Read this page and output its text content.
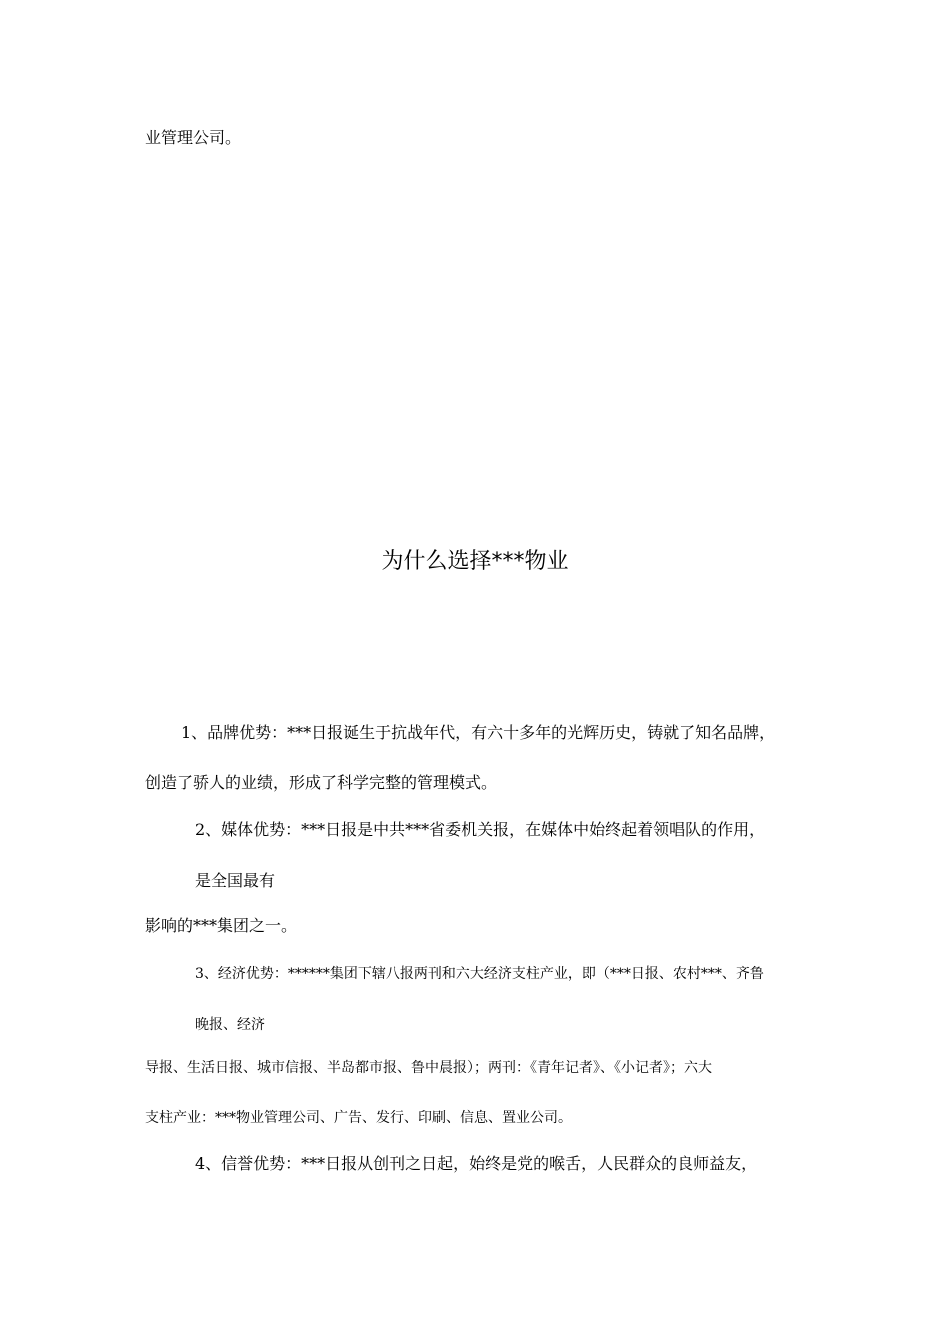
业管理公司。
为什么选择***物业
1、品牌优势：***日报诞生于抗战年代，有六十多年的光辉历史，铸就了知名品牌，
创造了骄人的业绩，形成了科学完整的管理模式。
2、媒体优势：***日报是中共***省委机关报，在媒体中始终起着领唱队的作用，
是全国最有
影响的***集团之一。
3、经济优势：******集团下辖八报两刊和六大经济支柱产业，即（***日报、农村***、齐鲁
晚报、经济
导报、生活日报、城市信报、半岛都市报、鲁中晨报）；两刊：《青年记者》、《小记者》；六大
支柱产业：***物业管理公司、广告、发行、印刷、信息、置业公司。
4、信誉优势：***日报从创刊之日起，始终是党的喉舌，人民群众的良师益友，
